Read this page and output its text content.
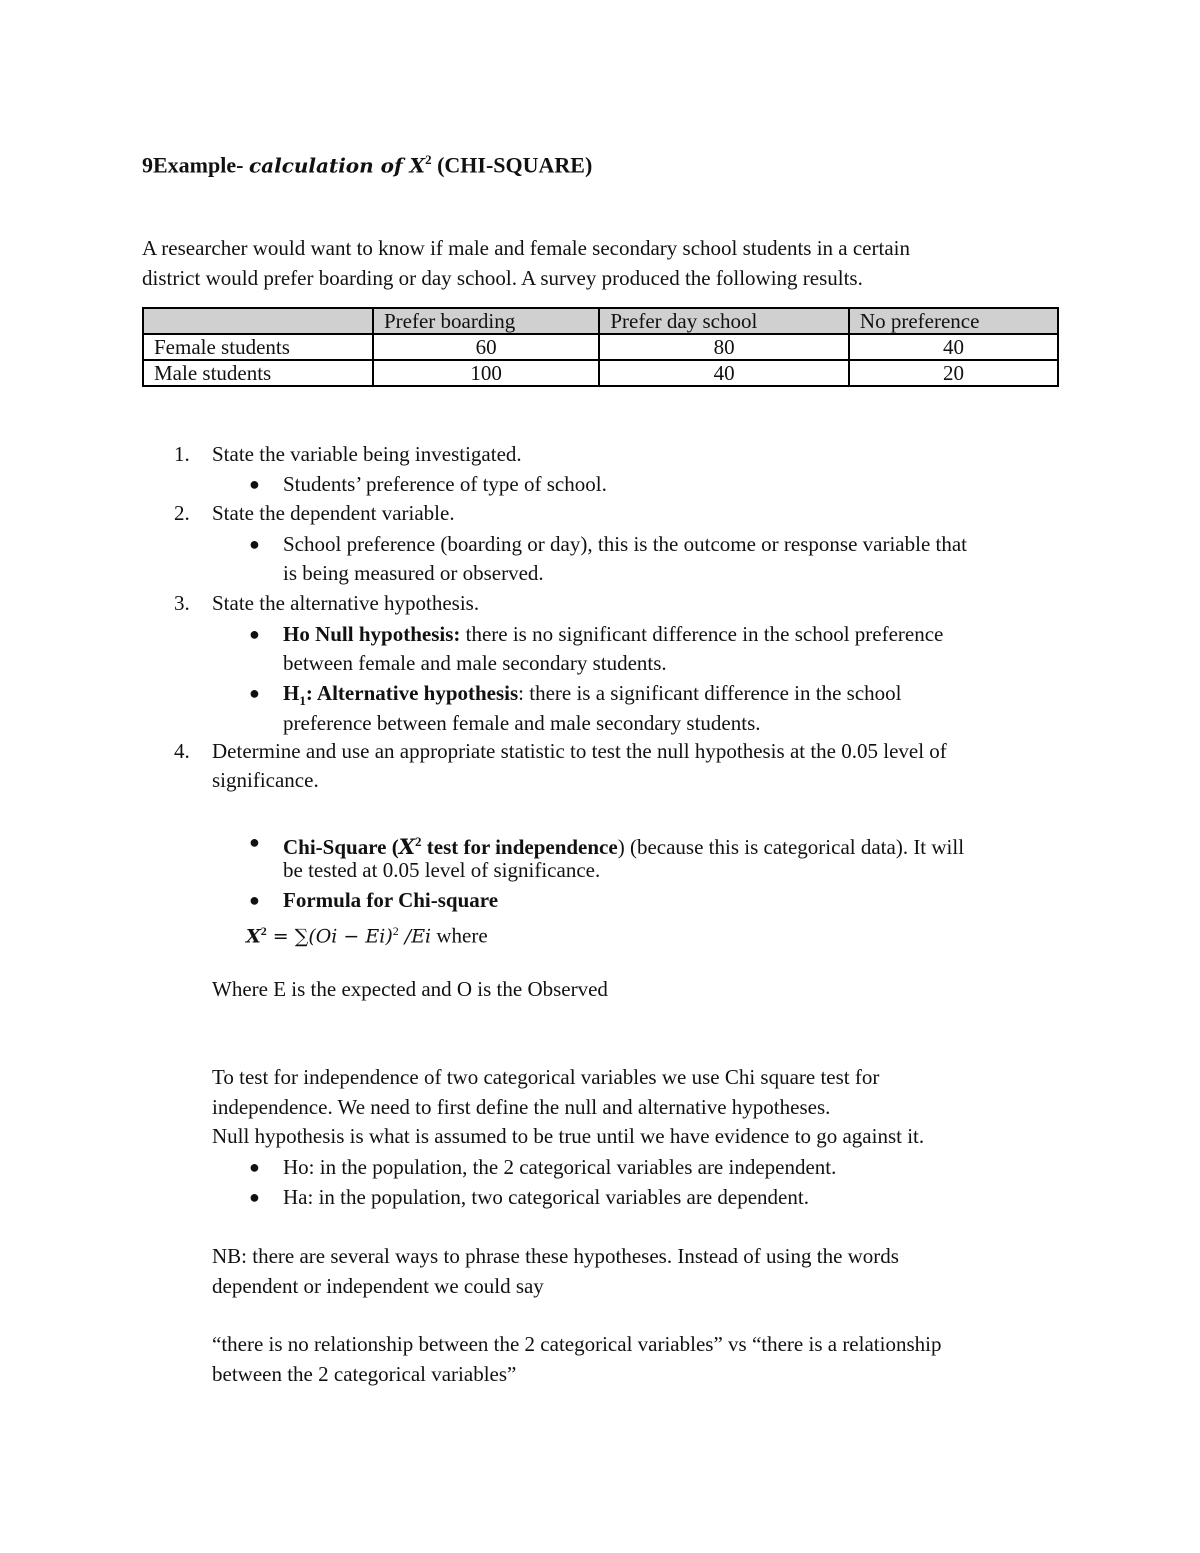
9Example- calculation of $X^2$ (CHI-SQUARE)
A researcher would want to know if male and female secondary school students in a certain
district would prefer boarding or day school. A survey produced the following results.
	Prefer boarding	Prefer day school	No preference
Female students	60	80	40
Male students	100	40	20
1. State the variable being investigated.
● Students’ preference of type of school.
2. State the dependent variable.
● School preference (boarding or day), this is the outcome or response variable that
is being measured or observed.
3. State the alternative hypothesis.
● Ho Null hypothesis: there is no significant difference in the school preference
between female and male secondary students.
● $H_1$: Alternative hypothesis: there is a significant difference in the school
preference between female and male secondary students.
4. Determine and use an appropriate statistic to test the null hypothesis at the 0.05 level of
significance.
● Chi-Square ($X^2$ test for independence) (because this is categorical data). It will
be tested at 0.05 level of significance.
● Formula for Chi-square
$X^2 = \sum(Oi - Ei)^2$ /Ei where
Where E is the expected and O is the Observed
To test for independence of two categorical variables we use Chi square test for
independence. We need to first define the null and alternative hypotheses.
Null hypothesis is what is assumed to be true until we have evidence to go against it.
● Ho: in the population, the 2 categorical variables are independent.
● Ha: in the population, two categorical variables are dependent.
NB: there are several ways to phrase these hypotheses. Instead of using the words
dependent or independent we could say
“there is no relationship between the 2 categorical variables” vs “there is a relationship
between the 2 categorical variables”
